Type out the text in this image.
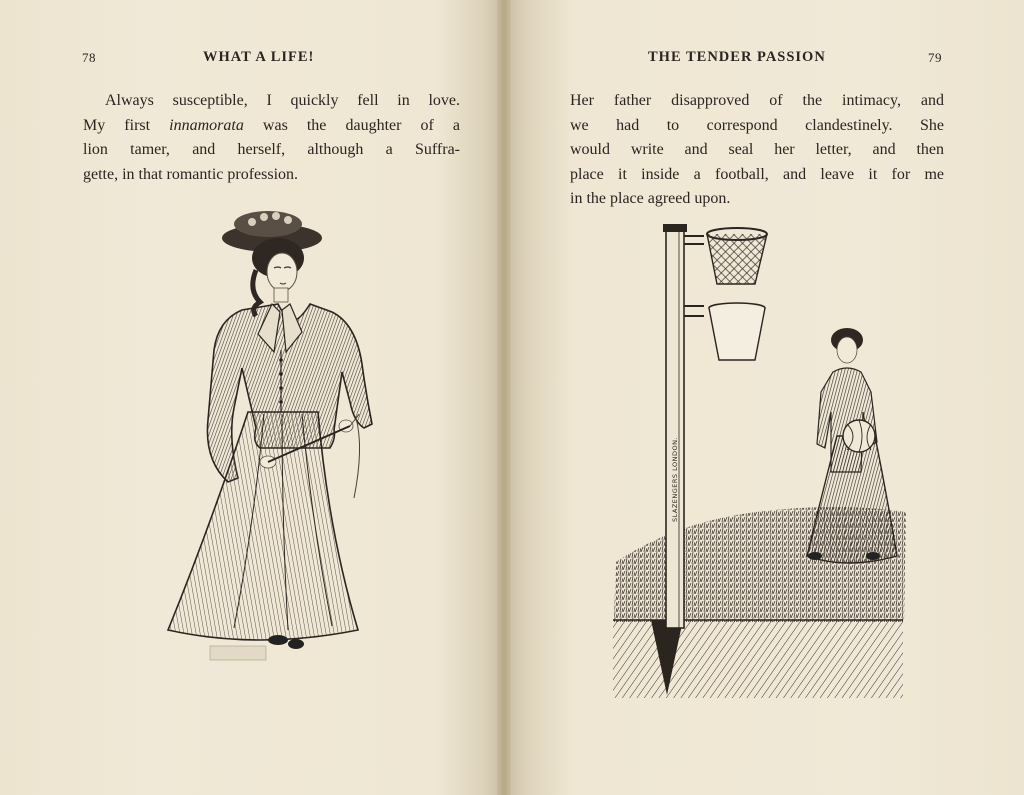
78	WHAT A LIFE!
Always susceptible, I quickly fell in love.
My first innamorata was the daughter of a
lion tamer, and herself, although a Suffra-
gette, in that romantic profession.
THE TENDER PASSION	79
Her father disapproved of the intimacy, and
we had to correspond clandestinely. She
would write and seal her letter, and then
place it inside a football, and leave it for me
in the place agreed upon.
SLAZENGERS LONDON.
